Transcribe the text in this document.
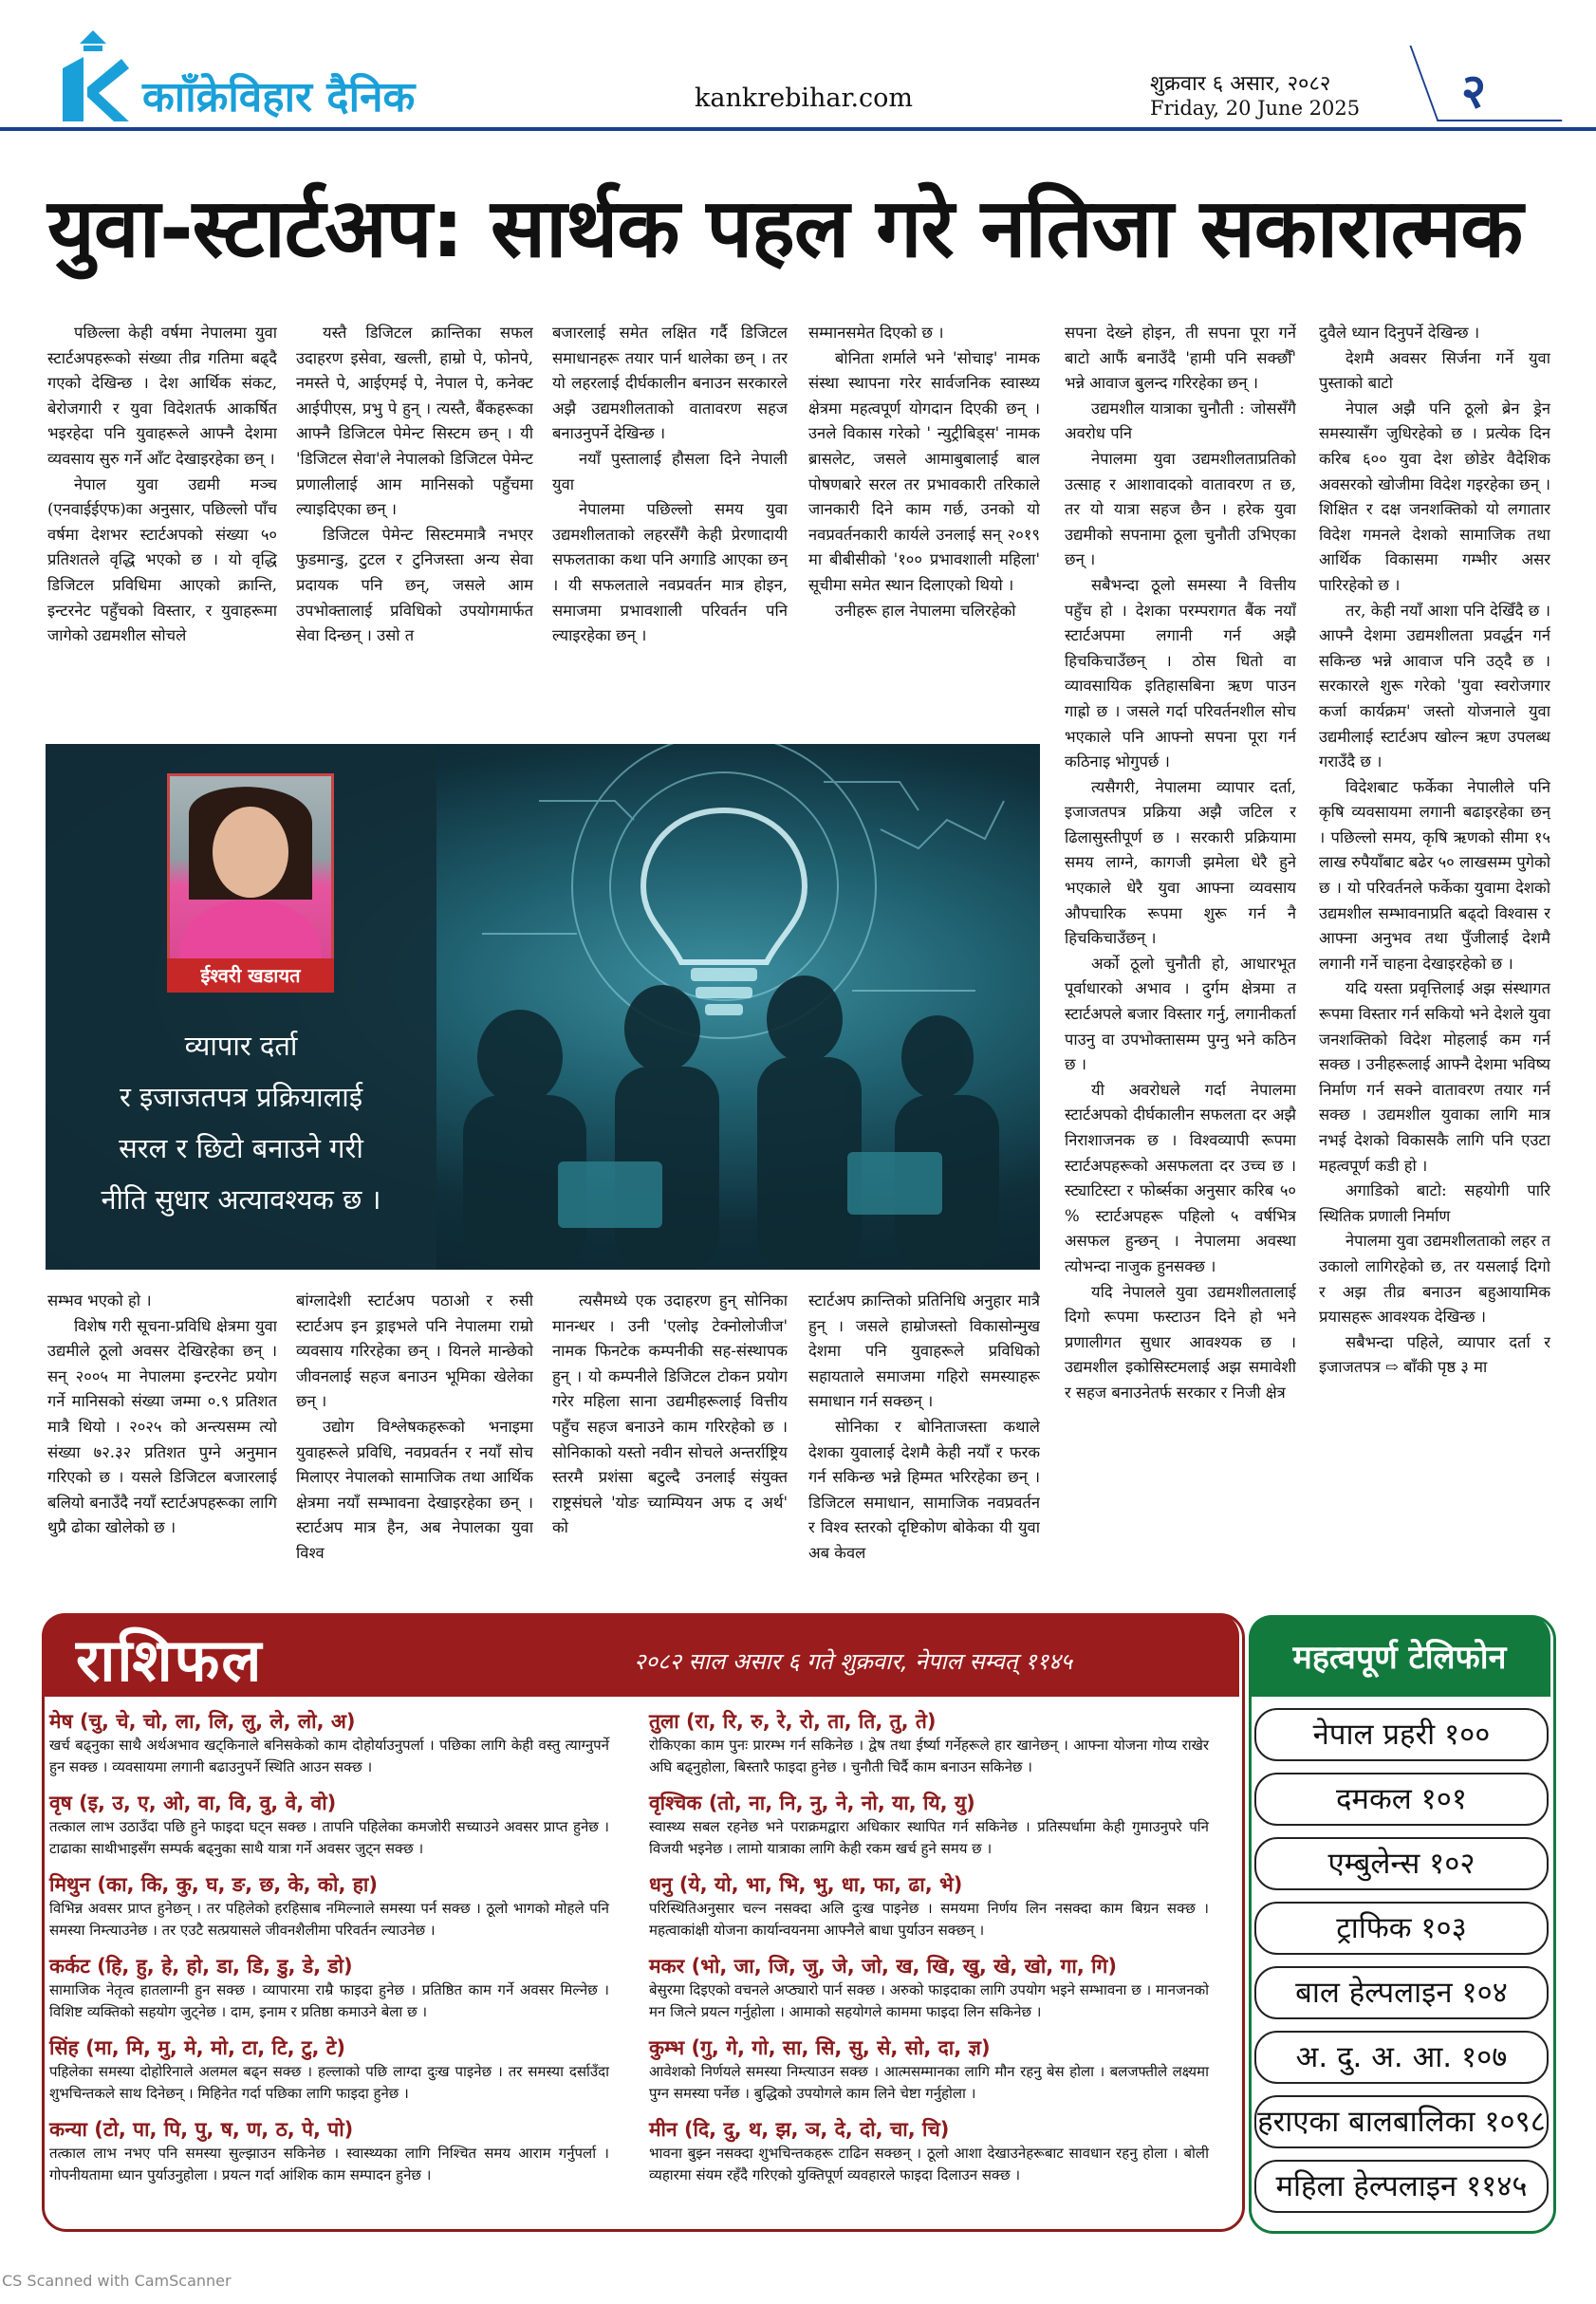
कााँक्रेविहार दैनिक	kankrebihar.com	शुक्रवार ६ असार, २०८२
Friday, 20 June 2025 २
युवा-स्टार्टअप: सार्थक पहल गरे नतिजा सकारात्मक

पछिल्ला केही वर्षमा नेपालमा युवा स्टार्टअपहरूको संख्या तीव्र गतिमा बढ्दै गएको देखिन्छ । देश आर्थिक संकट, बेरोजगारी र युवा विदेशतर्फ आकर्षित भइरहेदा पनि युवाहरूले आफ्नै देशमा व्यवसाय सुरु गर्ने आँट देखाइरहेका छन् ।

नेपाल युवा उद्यमी मञ्च (एनवाईईएफ)का अनुसार, पछिल्लो पाँच वर्षमा देशभर स्टार्टअपको संख्या ५० प्रतिशतले वृद्धि भएको छ । यो वृद्धि डिजिटल प्रविधिमा आएको क्रान्ति, इन्टरनेट पहुँचको विस्तार, र युवाहरूमा जागेको उद्यमशील सोचले

यस्तै डिजिटल क्रान्तिका सफल उदाहरण इसेवा, खल्ती, हाम्रो पे, फोनपे, नमस्ते पे, आईएमई पे, नेपाल पे, कनेक्ट आईपीएस, प्रभु पे हुन् । त्यस्तै, बैंकहरूका आफ्नै डिजिटल पेमेन्ट सिस्टम छन् । यी 'डिजिटल सेवा'ले नेपालको डिजिटल पेमेन्ट प्रणालीलाई आम मानिसको पहुँचमा ल्याइदिएका छन् ।

डिजिटल पेमेन्ट सिस्टममात्रै नभएर फुडमान्डु, टुटल र टुनिजस्ता अन्य सेवा प्रदायक पनि छन्, जसले आम उपभोक्तालाई प्रविधिको उपयोगमार्फत सेवा दिन्छन् । उसो त

बजारलाई समेत लक्षित गर्दै डिजिटल समाधानहरू तयार पार्न थालेका छन् । तर यो लहरलाई दीर्घकालीन बनाउन सरकारले अझै उद्यमशीलताको वातावरण सहज बनाउनुपर्ने देखिन्छ ।

नयाँ पुस्तालाई हौसला दिने नेपाली युवा

नेपालमा पछिल्लो समय युवा उद्यमशीलताको लहरसँगै केही प्रेरणादायी सफलताका कथा पनि अगाडि आएका छन् । यी सफलताले नवप्रवर्तन मात्र होइन, समाजमा प्रभावशाली परिवर्तन पनि ल्याइरहेका छन् ।

सम्मानसमेत दिएको छ ।

बोनिता शर्माले भने 'सोचाइ' नामक संस्था स्थापना गरेर सार्वजनिक स्वास्थ्य क्षेत्रमा महत्वपूर्ण योगदान दिएकी छन् । उनले विकास गरेको ' न्युट्रीबिड्स' नामक ब्रासलेट, जसले आमाबुबालाई बाल पोषणबारे सरल तर प्रभावकारी तरिकाले जानकारी दिने काम गर्छ, उनको यो नवप्रवर्तनकारी कार्यले उनलाई सन् २०१९ मा बीबीसीको '१०० प्रभावशाली महिला' सूचीमा समेत स्थान दिलाएको थियो ।

उनीहरू हाल नेपालमा चलिरहेको

सपना देख्ने होइन, ती सपना पूरा गर्ने बाटो आफैं बनाउँदै 'हामी पनि सक्छौँ' भन्ने आवाज बुलन्द गरिरहेका छन् ।

उद्यमशील यात्राका चुनौती : जोससँगै अवरोध पनि

नेपालमा युवा उद्यमशीलताप्रतिको उत्साह र आशावादको वातावरण त छ, तर यो यात्रा सहज छैन । हरेक युवा उद्यमीको सपनामा ठूला चुनौती उभिएका छन् ।

सबैभन्दा ठूलो समस्या नै वित्तीय पहुँच हो । देशका परम्परागत बैंक नयाँ स्टार्टअपमा लगानी गर्न अझै हिचकिचाउँछन् । ठोस धितो वा व्यावसायिक इतिहासबिना ऋण पाउन गाह्रो छ । जसले गर्दा परिवर्तनशील सोच भएकाले पनि आफ्नो सपना पूरा गर्न कठिनाइ भोगुपर्छ ।

त्यसैगरी, नेपालमा व्यापार दर्ता, इजाजतपत्र प्रक्रिया अझै जटिल र ढिलासुस्तीपूर्ण छ । सरकारी प्रक्रियामा समय लाग्ने, कागजी झमेला धेरै हुने भएकाले धेरै युवा आफ्ना व्यवसाय औपचारिक रूपमा शुरू गर्न नै हिचकिचाउँछन् ।

अर्को ठूलो चुनौती हो, आधारभूत पूर्वाधारको अभाव । दुर्गम क्षेत्रमा त स्टार्टअपले बजार विस्तार गर्नु, लगानीकर्ता पाउनु वा उपभोक्तासम्म पुग्नु भने कठिन छ ।

यी अवरोधले गर्दा नेपालमा स्टार्टअपको दीर्घकालीन सफलता दर अझै निराशाजनक छ । विश्वव्यापी रूपमा स्टार्टअपहरूको असफलता दर उच्च छ । स्ट्याटिस्टा र फोर्ब्सका अनुसार करिब ५० % स्टार्टअपहरू पहिलो ५ वर्षभित्र असफल हुन्छन् । नेपालमा अवस्था त्योभन्दा नाजुक हुनसक्छ ।

यदि नेपालले युवा उद्यमशीलतालाई दिगो रूपमा फस्टाउन दिने हो भने प्रणालीगत सुधार आवश्यक छ । उद्यमशील इकोसिस्टमलाई अझ समावेशी र सहज बनाउनेतर्फ सरकार र निजी क्षेत्र

दुवैले ध्यान दिनुपर्ने देखिन्छ ।

देशमै अवसर सिर्जना गर्ने युवा पुस्ताको बाटो

नेपाल अझै पनि ठूलो ब्रेन ड्रेन समस्यासँग जुधिरहेको छ । प्रत्येक दिन करिब ६०० युवा देश छोडेर वैदेशिक अवसरको खोजीमा विदेश गइरहेका छन् । शिक्षित र दक्ष जनशक्तिको यो लगातार विदेश गमनले देशको सामाजिक तथा आर्थिक विकासमा गम्भीर असर पारिरहेको छ ।

तर, केही नयाँ आशा पनि देखिँदै छ । आफ्नै देशमा उद्यमशीलता प्रवर्द्धन गर्न सकिन्छ भन्ने आवाज पनि उठ्दै छ । सरकारले शुरू गरेको 'युवा स्वरोजगार कर्जा कार्यक्रम' जस्तो योजनाले युवा उद्यमीलाई स्टार्टअप खोल्न ऋण उपलब्ध गराउँदै छ ।

विदेशबाट फर्केका नेपालीले पनि कृषि व्यवसायमा लगानी बढाइरहेका छन् । पछिल्लो समय, कृषि ऋणको सीमा १५ लाख रुपैयाँबाट बढेर ५० लाखसम्म पुगेको छ । यो परिवर्तनले फर्केका युवामा देशको उद्यमशील सम्भावनाप्रति बढ्दो विश्वास र आफ्ना अनुभव तथा पुँजीलाई देशमै लगानी गर्ने चाहना देखाइरहेको छ ।

यदि यस्ता प्रवृत्तिलाई अझ संस्थागत रूपमा विस्तार गर्न सकियो भने देशले युवा जनशक्तिको विदेश मोहलाई कम गर्न सक्छ । उनीहरूलाई आफ्नै देशमा भविष्य निर्माण गर्न सक्ने वातावरण तयार गर्न सक्छ । उद्यमशील युवाका लागि मात्र नभई देशको विकासकै लागि पनि एउटा महत्वपूर्ण कडी हो ।

अगाडिको बाटो: सहयोगी पारि स्थितिक प्रणाली निर्माण

नेपालमा युवा उद्यमशीलताको लहर त उकालो लागिरहेको छ, तर यसलाई दिगो र अझ तीव्र बनाउन बहुआयामिक प्रयासहरू आवश्यक देखिन्छ ।

सबैभन्दा पहिले, व्यापार दर्ता र इजाजतपत्र ⇨ बाँकी पृष्ठ ३ मा

ईश्वरी खडायत
व्यापार दर्ता
र इजाजतपत्र प्रक्रियालाई
सरल र छिटो बनाउने गरी
नीति सुधार अत्यावश्यक छ ।

सम्भव भएको हो ।

विशेष गरी सूचना-प्रविधि क्षेत्रमा युवा उद्यमीले ठूलो अवसर देखिरहेका छन् । सन् २००५ मा नेपालमा इन्टरनेट प्रयोग गर्ने मानिसको संख्या जम्मा ०.९ प्रतिशत मात्रै थियो । २०२५ को अन्त्यसम्म त्यो संख्या ७२.३२ प्रतिशत पुग्ने अनुमान गरिएको छ । यसले डिजिटल बजारलाई बलियो बनाउँदै नयाँ स्टार्टअपहरूका लागि थुप्रै ढोका खोलेको छ ।

बांग्लादेशी स्टार्टअप पठाओ र रुसी स्टार्टअप इन ड्राइभले पनि नेपालमा राम्रो व्यवसाय गरिरहेका छन् । यिनले मान्छेको जीवनलाई सहज बनाउन भूमिका खेलेका छन् ।

उद्योग विश्लेषकहरूको भनाइमा युवाहरूले प्रविधि, नवप्रवर्तन र नयाँ सोच मिलाएर नेपालको सामाजिक तथा आर्थिक क्षेत्रमा नयाँ सम्भावना देखाइरहेका छन् । स्टार्टअप मात्र हैन, अब नेपालका युवा विश्व

त्यसैमध्ये एक उदाहरण हुन् सोनिका मानन्धर । उनी 'एलोइ टेक्नोलोजीज' नामक फिनटेक कम्पनीकी सह-संस्थापक हुन् । यो कम्पनीले डिजिटल टोकन प्रयोग गरेर महिला साना उद्यमीहरूलाई वित्तीय पहुँच सहज बनाउने काम गरिरहेको छ । सोनिकाको यस्तो नवीन सोचले अन्तर्राष्ट्रिय स्तरमै प्रशंसा बटुल्दै उनलाई संयुक्त राष्ट्रसंघले 'योङ च्याम्पियन अफ द अर्थ' को

स्टार्टअप क्रान्तिको प्रतिनिधि अनुहार मात्रै हुन् । जसले हाम्रोजस्तो विकासोन्मुख देशमा पनि युवाहरूले प्रविधिको सहायताले समाजमा गहिरो समस्याहरू समाधान गर्न सक्छन् ।

सोनिका र बोनिताजस्ता कथाले देशका युवालाई देशमै केही नयाँ र फरक गर्न सकिन्छ भन्ने हिम्मत भरिरहेका छन् । डिजिटल समाधान, सामाजिक नवप्रवर्तन र विश्व स्तरको दृष्टिकोण बोकेका यी युवा अब केवल

राशिफल	२०८२ साल असार ६ गते शुक्रवार, नेपाल सम्वत् ११४५
मेष (चु, चे, चो, ला, लि, लु, ले, लो, अ)
खर्च बढ्नुका साथै अर्थअभाव खट्किनाले बनिसकेको काम दोहोर्याउनुपर्ला । पछिका लागि केही वस्तु त्याग्नुपर्ने हुन सक्छ । व्यवसायमा लगानी बढाउनुपर्ने स्थिति आउन सक्छ ।
वृष (इ, उ, ए, ओ, वा, वि, वु, वे, वो)
तत्काल लाभ उठाउँदा पछि हुने फाइदा घट्न सक्छ । तापनि पहिलेका कमजोरी सच्याउने अवसर प्राप्त हुनेछ । टाढाका साथीभाइसँग सम्पर्क बढ्नुका साथै यात्रा गर्ने अवसर जुट्न सक्छ ।
मिथुन (का, कि, कु, घ, ङ, छ, के, को, हा)
विभिन्न अवसर प्राप्त हुनेछन् । तर पहिलेको हरहिसाब नमिल्नाले समस्या पर्न सक्छ । ठूलो भागको मोहले पनि समस्या निम्त्याउनेछ । तर एउटै सत्प्रयासले जीवनशैलीमा परिवर्तन ल्याउनेछ ।
कर्कट (हि, हु, हे, हो, डा, डि, डु, डे, डो)
सामाजिक नेतृत्व हातलाग्नी हुन सक्छ । व्यापारमा राम्रै फाइदा हुनेछ । प्रतिष्ठित काम गर्ने अवसर मिल्नेछ । विशिष्ट व्यक्तिको सहयोग जुट्नेछ । दाम, इनाम र प्रतिष्ठा कमाउने बेला छ ।
सिंह (मा, मि, मु, मे, मो, टा, टि, टु, टे)
पहिलेका समस्या दोहोरिनाले अलमल बढ्न सक्छ । हल्लाको पछि लाग्दा दुःख पाइनेछ । तर समस्या दर्साउँदा शुभचिन्तकले साथ दिनेछन् । मिहिनेत गर्दा पछिका लागि फाइदा हुनेछ ।
कन्या (टो, पा, पि, पु, ष, ण, ठ, पे, पो)
तत्काल लाभ नभए पनि समस्या सुल्झाउन सकिनेछ । स्वास्थ्यका लागि निश्चित समय आराम गर्नुपर्ला । गोपनीयतामा ध्यान पुर्याउनुहोला । प्रयत्न गर्दा आंशिक काम सम्पादन हुनेछ ।
तुला (रा, रि, रु, रे, रो, ता, ति, तु, ते)
रोकिएका काम पुनः प्रारम्भ गर्न सकिनेछ । द्वेष तथा ईर्ष्या गर्नेहरूले हार खानेछन् । आफ्ना योजना गोप्य राखेर अघि बढ्नुहोला, बिस्तारै फाइदा हुनेछ । चुनौती चिर्दै काम बनाउन सकिनेछ ।
वृश्चिक (तो, ना, नि, नु, ने, नो, या, यि, यु)
स्वास्थ्य सबल रहनेछ भने पराक्रमद्वारा अधिकार स्थापित गर्न सकिनेछ । प्रतिस्पर्धामा केही गुमाउनुपरे पनि विजयी भइनेछ । लामो यात्राका लागि केही रकम खर्च हुने समय छ ।
धनु (ये, यो, भा, भि, भु, धा, फा, ढा, भे)
परिस्थितिअनुसार चल्न नसक्दा अलि दुःख पाइनेछ । समयमा निर्णय लिन नसक्दा काम बिग्रन सक्छ । महत्वाकांक्षी योजना कार्यान्वयनमा आफ्नैले बाधा पुर्याउन सक्छन् ।
मकर (भो, जा, जि, जु, जे, जो, ख, खि, खु, खे, खो, गा, गि)
बेसुरमा दिइएको वचनले अप्ठ्यारो पार्न सक्छ । अरुको फाइदाका लागि उपयोग भइने सम्भावना छ । मानजनको मन जित्ने प्रयत्न गर्नुहोला । आमाको सहयोगले काममा फाइदा लिन सकिनेछ ।
कुम्भ (गु, गे, गो, सा, सि, सु, से, सो, दा, ज्ञ)
आवेशको निर्णयले समस्या निम्त्याउन सक्छ । आत्मसम्मानका लागि मौन रहनु बेस होला । बलजफ्तीले लक्ष्यमा पुग्न समस्या पर्नेछ । बुद्धिको उपयोगले काम लिने चेष्टा गर्नुहोला ।
मीन (दि, दु, थ, झ, ञ, दे, दो, चा, चि)
भावना बुझ्न नसक्दा शुभचिन्तकहरू टाढिन सक्छन् । ठूलो आशा देखाउनेहरूबाट सावधान रहनु होला । बोली व्यहारमा संयम रहँदै गरिएको युक्तिपूर्ण व्यवहारले फाइदा दिलाउन सक्छ ।
महत्वपूर्ण टेलिफोन
नेपाल प्रहरी १००
दमकल १०१
एम्बुलेन्स १०२
ट्राफिक १०३
बाल हेल्पलाइन १०४
अ. दु. अ. आ. १०७
हराएका बालबालिका १०९८
महिला हेल्पलाइन ११४५
CS Scanned with CamScanner
